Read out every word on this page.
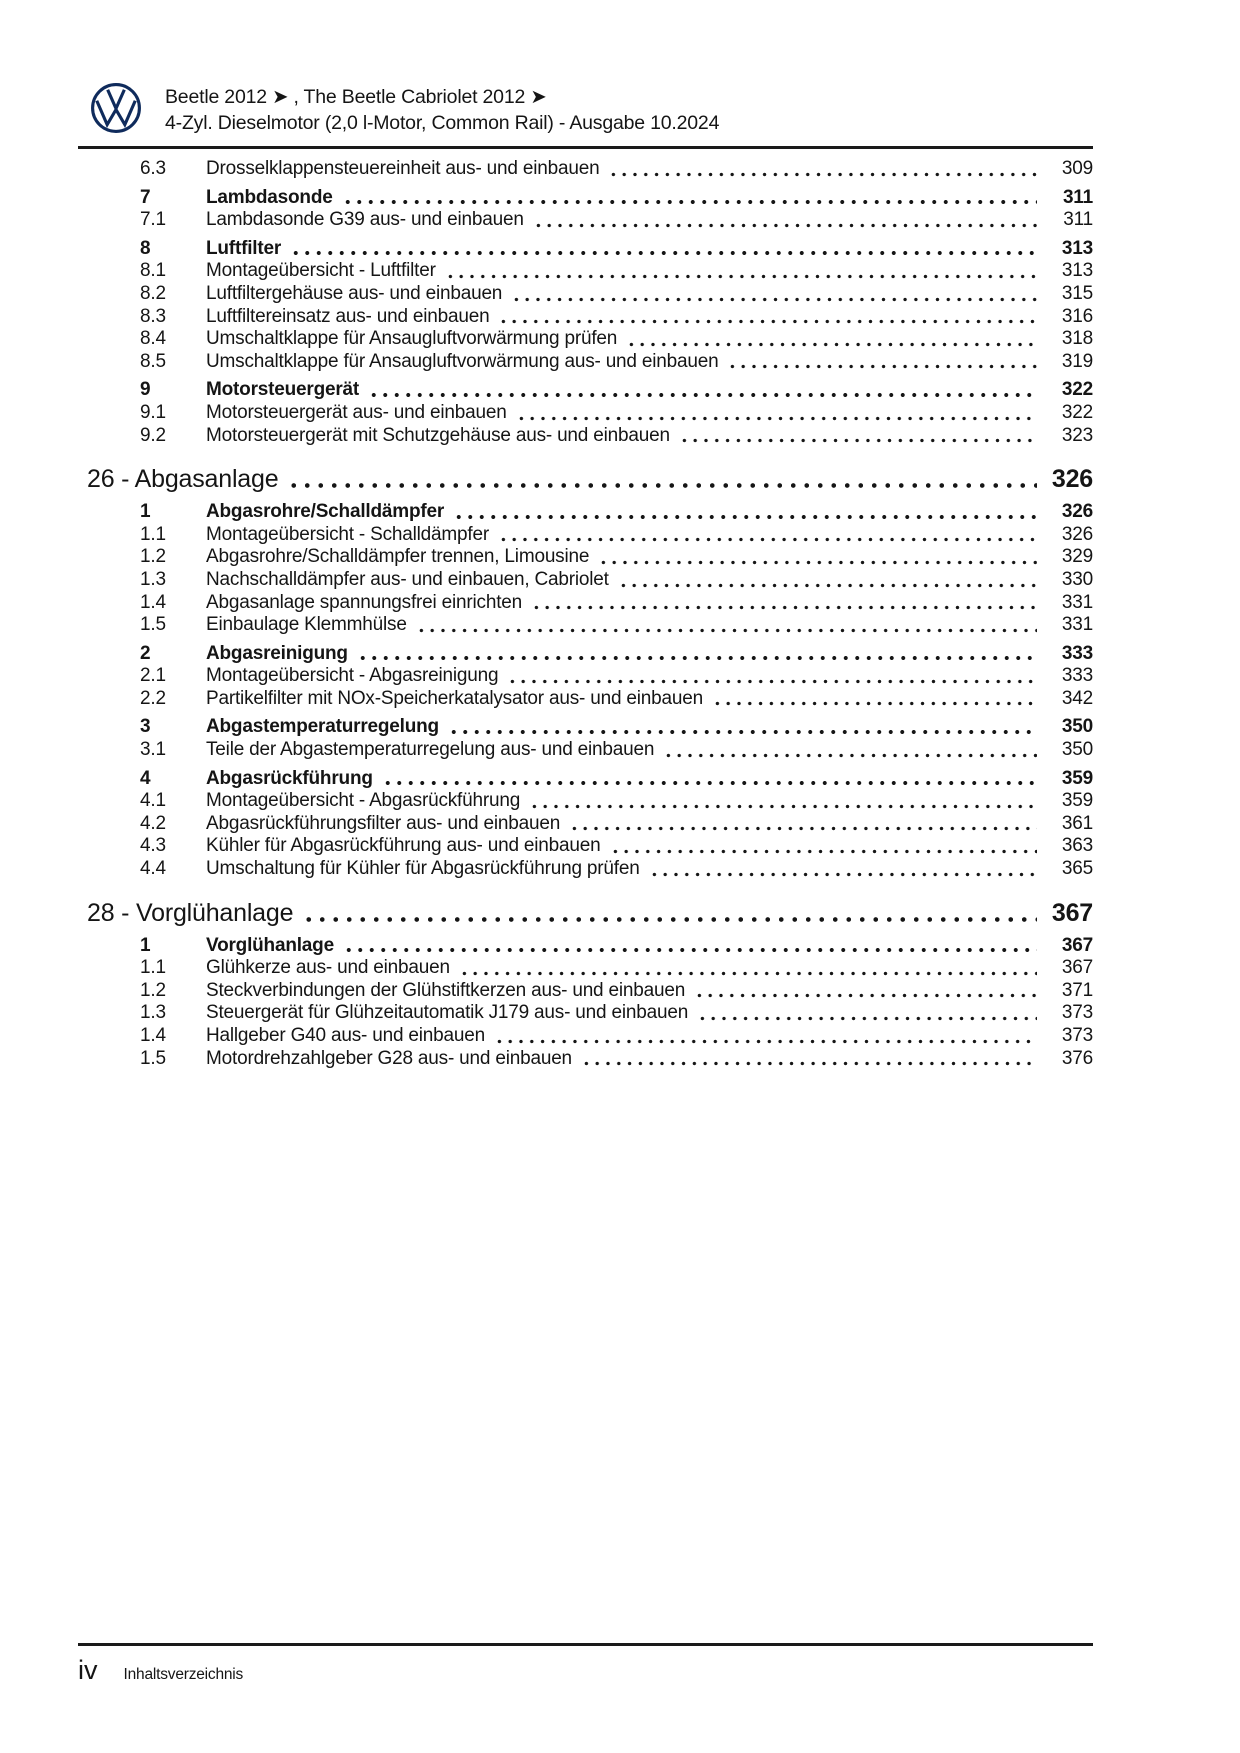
Beetle 2012 ➤ , The Beetle Cabriolet 2012 ➤
4-Zyl. Dieselmotor (2,0 l-Motor, Common Rail) - Ausgabe 10.2024
6.3	Drosselklappensteuereinheit aus- und einbauen	309
7	Lambdasonde	311
7.1	Lambdasonde G39 aus- und einbauen	311
8	Luftfilter	313
8.1	Montageübersicht - Luftfilter	313
8.2	Luftfiltergehäuse aus- und einbauen	315
8.3	Luftfiltereinsatz aus- und einbauen	316
8.4	Umschaltklappe für Ansaugluftvorwärmung prüfen	318
8.5	Umschaltklappe für Ansaugluftvorwärmung aus- und einbauen	319
9	Motorsteuergerät	322
9.1	Motorsteuergerät aus- und einbauen	322
9.2	Motorsteuergerät mit Schutzgehäuse aus- und einbauen	323
26 - Abgasanlage	326
1	Abgasrohre/Schalldämpfer	326
1.1	Montageübersicht - Schalldämpfer	326
1.2	Abgasrohre/Schalldämpfer trennen, Limousine	329
1.3	Nachschalldämpfer aus- und einbauen, Cabriolet	330
1.4	Abgasanlage spannungsfrei einrichten	331
1.5	Einbaulage Klemmhülse	331
2	Abgasreinigung	333
2.1	Montageübersicht - Abgasreinigung	333
2.2	Partikelfilter mit NOx-Speicherkatalysator aus- und einbauen	342
3	Abgastemperaturregelung	350
3.1	Teile der Abgastemperaturregelung aus- und einbauen	350
4	Abgasrückführung	359
4.1	Montageübersicht - Abgasrückführung	359
4.2	Abgasrückführungsfilter aus- und einbauen	361
4.3	Kühler für Abgasrückführung aus- und einbauen	363
4.4	Umschaltung für Kühler für Abgasrückführung prüfen	365
28 - Vorglühanlage	367
1	Vorglühanlage	367
1.1	Glühkerze aus- und einbauen	367
1.2	Steckverbindungen der Glühstiftkerzen aus- und einbauen	371
1.3	Steuergerät für Glühzeitautomatik J179 aus- und einbauen	373
1.4	Hallgeber G40 aus- und einbauen	373
1.5	Motordrehzahlgeber G28 aus- und einbauen	376
iv Inhaltsverzeichnis
